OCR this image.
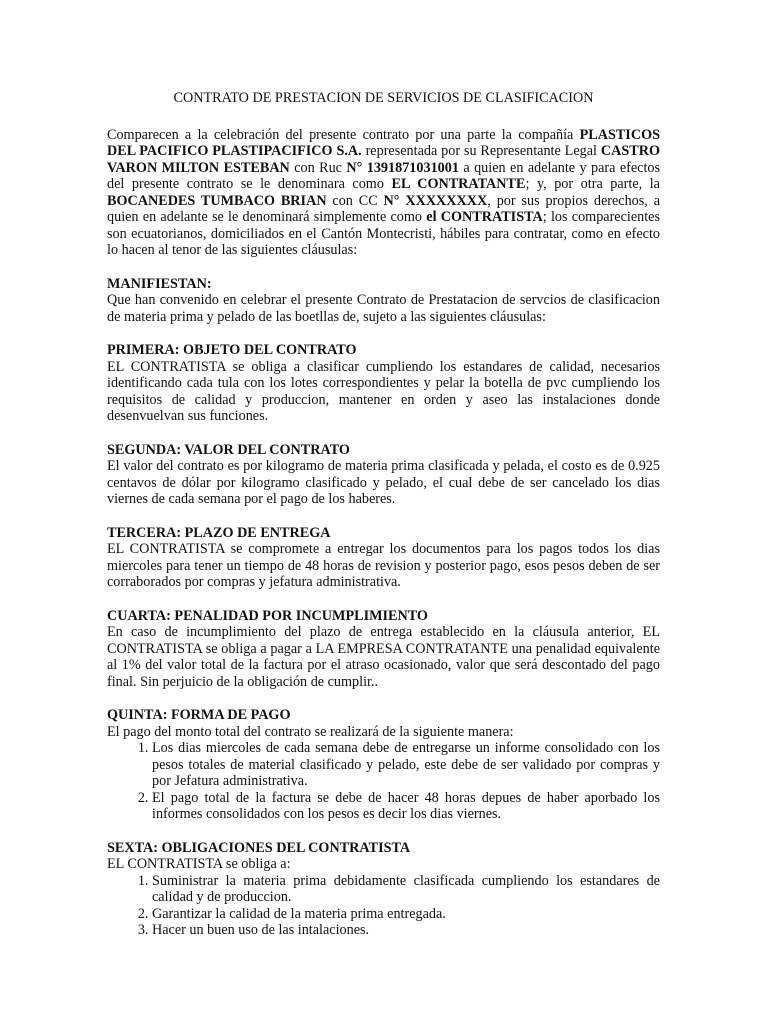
CONTRATO DE PRESTACION DE SERVICIOS DE CLASIFICACION

Comparecen a la celebración del presente contrato por una parte la compañía PLASTICOS DEL PACIFICO PLASTIPACIFICO S.A. representada por su Representante Legal CASTRO VARON MILTON ESTEBAN con Ruc N° 1391871031001 a quien en adelante y para efectos del presente contrato se le denominara como EL CONTRATANTE; y, por otra parte, la BOCANEDES TUMBACO BRIAN con CC N° XXXXXXXX, por sus propios derechos, a quien en adelante se le denominará simplemente como el CONTRATISTA; los comparecientes son ecuatorianos, domiciliados en el Cantón Montecristi, hábiles para contratar, como en efecto lo hacen al tenor de las siguientes cláusulas:

MANIFIESTAN:

Que han convenido en celebrar el presente Contrato de Prestatacion de servcios de clasificacion de materia prima y pelado de las boetllas de, sujeto a las siguientes cláusulas:

PRIMERA: OBJETO DEL CONTRATO

EL CONTRATISTA se obliga a clasificar cumpliendo los estandares de calidad, necesarios identificando cada tula con los lotes correspondientes y pelar la botella de pvc cumpliendo los requisitos de calidad y produccion, mantener en orden y aseo las instalaciones donde desenvuelvan sus funciones.

SEGUNDA: VALOR DEL CONTRATO

El valor del contrato es por kilogramo de materia prima clasificada y pelada, el costo es de 0.925 centavos de dólar por kilogramo clasificado y pelado, el cual debe de ser cancelado los dias viernes de cada semana por el pago de los haberes.

TERCERA: PLAZO DE ENTREGA

EL CONTRATISTA se compromete a entregar los documentos para los pagos todos los dias miercoles para tener un tiempo de 48 horas de revision y posterior pago, esos pesos deben de ser corraborados por compras y jefatura administrativa.

CUARTA: PENALIDAD POR INCUMPLIMIENTO

En caso de incumplimiento del plazo de entrega establecido en la cláusula anterior, EL CONTRATISTA se obliga a pagar a LA EMPRESA CONTRATANTE una penalidad equivalente al 1% del valor total de la factura por el atraso ocasionado, valor que será descontado del pago final. Sin perjuicio de la obligación de cumplir..

QUINTA: FORMA DE PAGO

El pago del monto total del contrato se realizará de la siguiente manera:

1. Los dias miercoles de cada semana debe de entregarse un informe consolidado con los pesos totales de material clasificado y pelado, este debe de ser validado por compras y por Jefatura administrativa.
2. El pago total de la factura se debe de hacer 48 horas depues de haber aporbado los informes consolidados con los pesos es decir los dias viernes.

SEXTA: OBLIGACIONES DEL CONTRATISTA

EL CONTRATISTA se obliga a:

1. Suministrar la materia prima debidamente clasificada cumpliendo los estandares de calidad y de produccion.
2. Garantizar la calidad de la materia prima entregada.
3. Hacer un buen uso de las intalaciones.
